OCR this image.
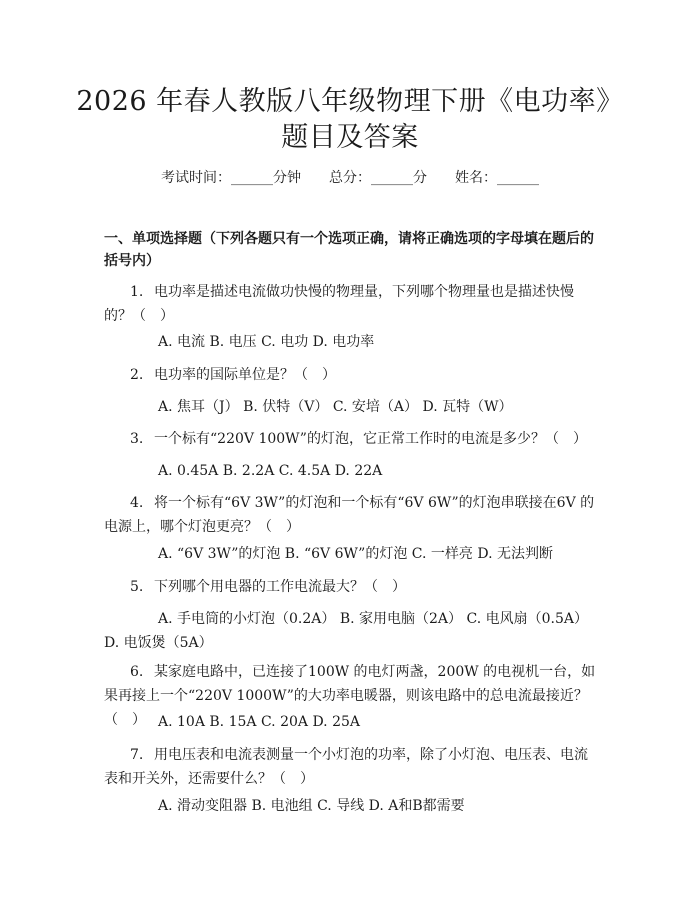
2026 年春人教版八年级物理下册《电功率》
题目及答案
考试时间：______分钟 总分：______分 姓名：______
一、单项选择题（下列各题只有一个选项正确，请将正确选项的字母填在题后的括号内）
1. 电功率是描述电流做功快慢的物理量，下列哪个物理量也是描述快慢的？（　）
A. 电流 B. 电压 C. 电功 D. 电功率
2. 电功率的国际单位是？（　）
A. 焦耳（J） B. 伏特（V） C. 安培（A） D. 瓦特（W）
3. 一个标有“220V 100W”的灯泡，它正常工作时的电流是多少？（　）
A. 0.45A B. 2.2A C. 4.5A D. 22A
4. 将一个标有“6V 3W”的灯泡和一个标有“6V 6W”的灯泡串联接在6V 的电源上，哪个灯泡更亮？（　）
A. “6V 3W”的灯泡 B. “6V 6W”的灯泡 C. 一样亮 D. 无法判断
5. 下列哪个用电器的工作电流最大？（　）
A. 手电筒的小灯泡（0.2A） B. 家用电脑（2A） C. 电风扇（0.5A） D. 电饭煲（5A）
6. 某家庭电路中，已连接了100W 的电灯两盏，200W 的电视机一台，如果再接上一个“220V 1000W”的大功率电暖器，则该电路中的总电流最接近？（　） A. 10A B. 15A C. 20A D. 25A
7. 用电压表和电流表测量一个小灯泡的功率，除了小灯泡、电压表、电流表和开关外，还需要什么？（　）
A. 滑动变阻器 B. 电池组 C. 导线 D. A和B都需要
